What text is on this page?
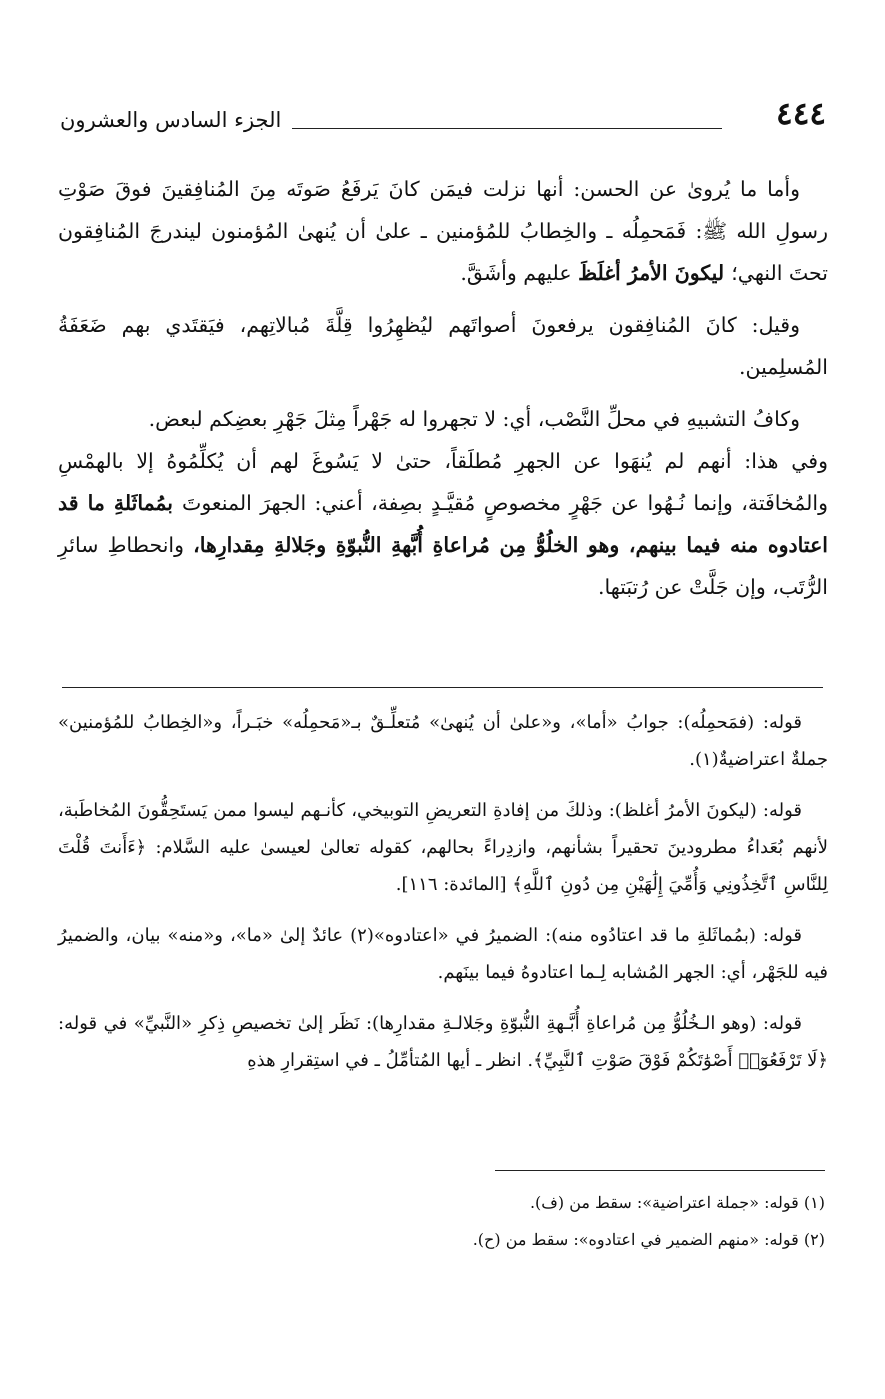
الجزء السادس والعشرون	٤٤٤

وأما ما يُروىٰ عن الحسن: أنها نزلت فيمَن كانَ يَرفَعُ صَوتَه مِنَ المُنافِقينَ فوقَ صَوْتِ رسولِ الله ﷺ: فَمَحمِلُه ـ والخِطابُ للمُؤمنين ـ علىٰ أن يُنهىٰ المُؤمنون ليندرجَ المُنافِقون تحتَ النهي؛ ليكونَ الأمرُ أغلَظَ عليهم وأشَقَّ.

وقيل: كانَ المُنافِقون يرفعونَ أصواتَهم ليُظهِرُوا قِلَّةَ مُبالاتِهم، فيَقتَدي بهم ضَعَفَةُ المُسلِمين.

وكافُ التشبيهِ في محلِّ النَّصْب، أي: لا تجهروا له جَهْراً مِثلَ جَهْرِ بعضِكم لبعض.
وفي هذا: أنهم لم يُنهَوا عن الجهرِ مُطلَقاً، حتىٰ لا يَسُوغَ لهم أن يُكلِّمُوهُ إلا بالهمْسِ والمُخافَتة، وإنما نُـهُوا عن جَهْرٍ مخصوصٍ مُقيَّـدٍ بصِفة، أعني: الجهرَ المنعوتَ بمُماثَلةِ ما قد اعتادوه منه فيما بينهم، وهو الخلُوُّ مِن مُراعاةِ أُبَّهةِ النُّبوّةِ وجَلالةِ مِقدارِها، وانحطاطِ سائرِ الرُّتَب، وإن جَلَّتْ عن رُتبَتها.

قوله: (فمَحمِلُه): جوابُ «أما»، و«علىٰ أن يُنهىٰ» مُتعلِّـقٌ بـ«مَحمِلُه» خبَـراً، و«الخِطابُ للمُؤمنين» جملةٌ اعتراضيةٌ(١).

قوله: (ليكونَ الأمرُ أغلظ): وذلكَ من إفادةِ التعريضِ التوبيخي، كأنـهم ليسوا ممن يَستَحِقُّونَ المُخاطَبة، لأنهم بُعَداءُ مطرودينَ تحقيراً بشأنهم، وازدِراءً بحالهم، كقوله تعالىٰ لعيسىٰ عليه السَّلام: ﴿ءَأَنتَ قُلْتَ لِلنَّاسِ ٱتَّخِذُونِي وَأُمِّيَ إِلَٰهَيْنِ مِن دُونِ ٱللَّهِ﴾ [المائدة: ١١٦].

قوله: (بمُماثَلةِ ما قد اعتادُوه منه): الضميرُ في «اعتادوه»(٢) عائدٌ إلىٰ «ما»، و«منه» بيان، والضميرُ فيه للجَهْر، أي: الجهر المُشابه لِـما اعتادوهُ فيما بينَهم.

قوله: (وهو الـخُلُوُّ مِن مُراعاةِ أُبَّـهةِ النُّبوّةِ وجَلالـةِ مقدارِها): نَظَر إلىٰ تخصيصِ ذِكرِ «النَّبيِّ» في قوله: ﴿لَا تَرْفَعُوٓا۟ أَصْوَٰتَكُمْ فَوْقَ صَوْتِ ٱلنَّبِيِّ﴾. انظر ـ أيها المُتأمِّلُ ـ في استِقرارِ هذهِ

(١) قوله: «جملة اعتراضية»: سقط من (ف).
(٢) قوله: «منهم الضمير في اعتادوه»: سقط من (ح).
